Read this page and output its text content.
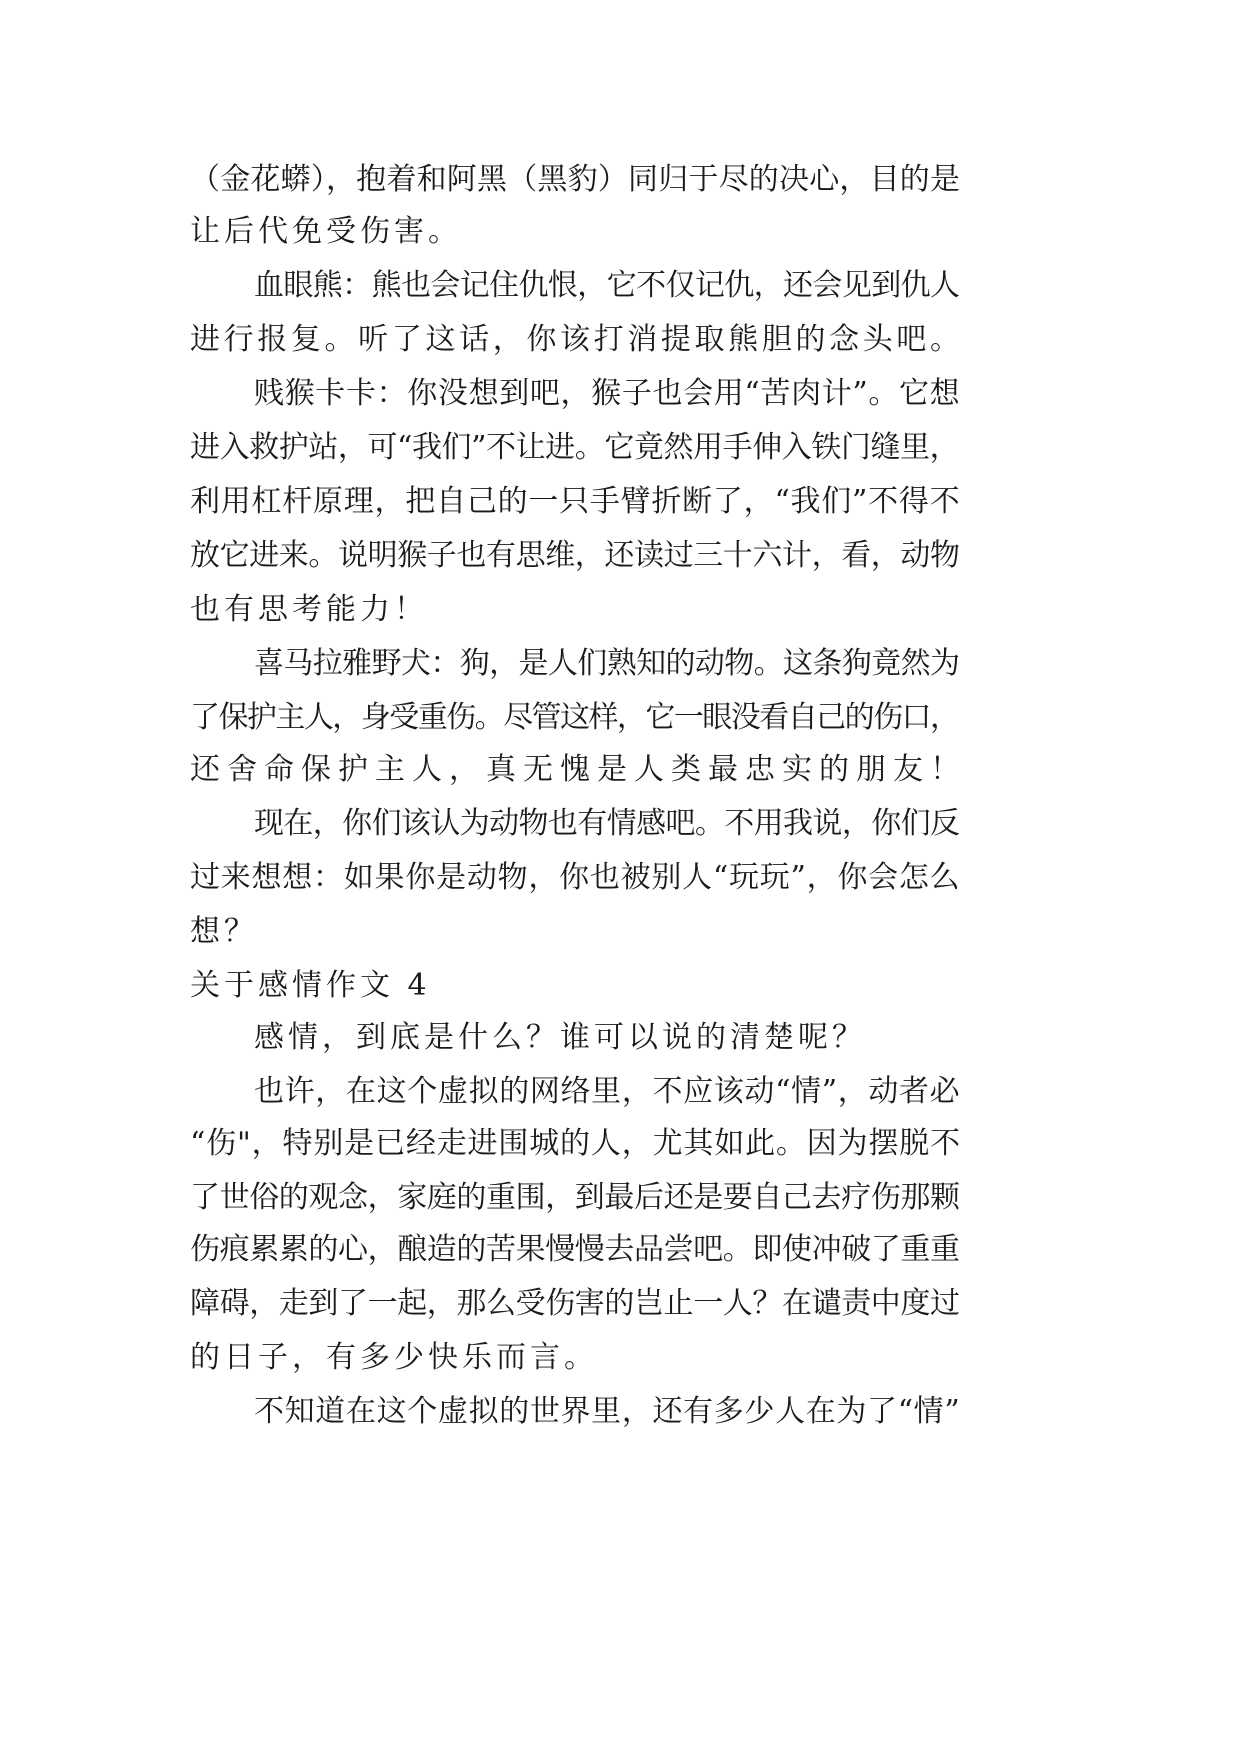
（金花蟒），抱着和阿黑（黑豹）同归于尽的决心，目的是
让后代免受伤害。
血眼熊：熊也会记住仇恨，它不仅记仇，还会见到仇人
进行报复。听了这话，你该打消提取熊胆的念头吧。
贱猴卡卡：你没想到吧，猴子也会用“苦肉计”。它想
进入救护站，可“我们”不让进。它竟然用手伸入铁门缝里，
利用杠杆原理，把自己的一只手臂折断了，“我们”不得不
放它进来。说明猴子也有思维，还读过三十六计，看，动物
也有思考能力！
喜马拉雅野犬：狗，是人们熟知的动物。这条狗竟然为
了保护主人，身受重伤。尽管这样，它一眼没看自己的伤口，
还舍命保护主人，真无愧是人类最忠实的朋友！
现在，你们该认为动物也有情感吧。不用我说，你们反
过来想想：如果你是动物，你也被别人“玩玩”，你会怎么
想？
关于感情作文 4
感情，到底是什么？谁可以说的清楚呢？
也许，在这个虚拟的网络里，不应该动“情”，动者必
“伤"，特别是已经走进围城的人，尤其如此。因为摆脱不
了世俗的观念，家庭的重围，到最后还是要自己去疗伤那颗
伤痕累累的心，酿造的苦果慢慢去品尝吧。即使冲破了重重
障碍，走到了一起，那么受伤害的岂止一人？在谴责中度过
的日子，有多少快乐而言。
不知道在这个虚拟的世界里，还有多少人在为了“情”
